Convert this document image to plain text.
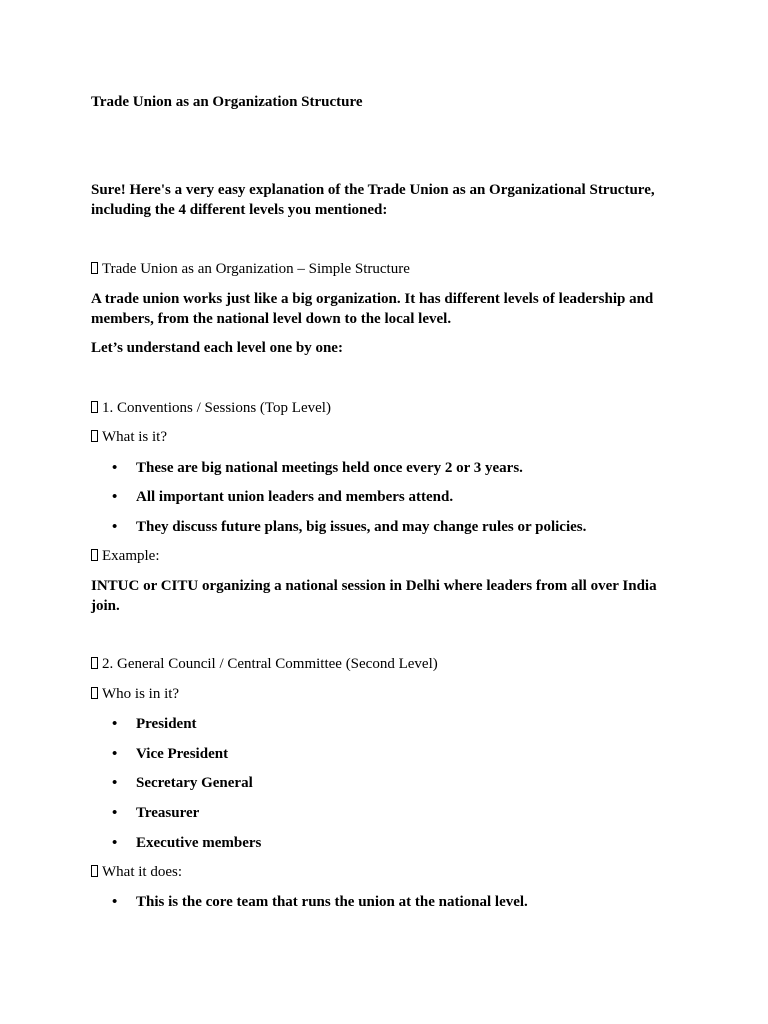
Trade Union as an Organization Structure

Sure! Here's a very easy explanation of the Trade Union as an Organizational Structure, including the 4 different levels you mentioned:

Trade Union as an Organization – Simple Structure

A trade union works just like a big organization. It has different levels of leadership and members, from the national level down to the local level.

Let’s understand each level one by one:

1. Conventions / Sessions (Top Level)

What is it?

• These are big national meetings held once every 2 or 3 years.
• All important union leaders and members attend.
• They discuss future plans, big issues, and may change rules or policies.

Example:

INTUC or CITU organizing a national session in Delhi where leaders from all over India join.

2. General Council / Central Committee (Second Level)

Who is in it?

• President
• Vice President
• Secretary General
• Treasurer
• Executive members

What it does:

• This is the core team that runs the union at the national level.
